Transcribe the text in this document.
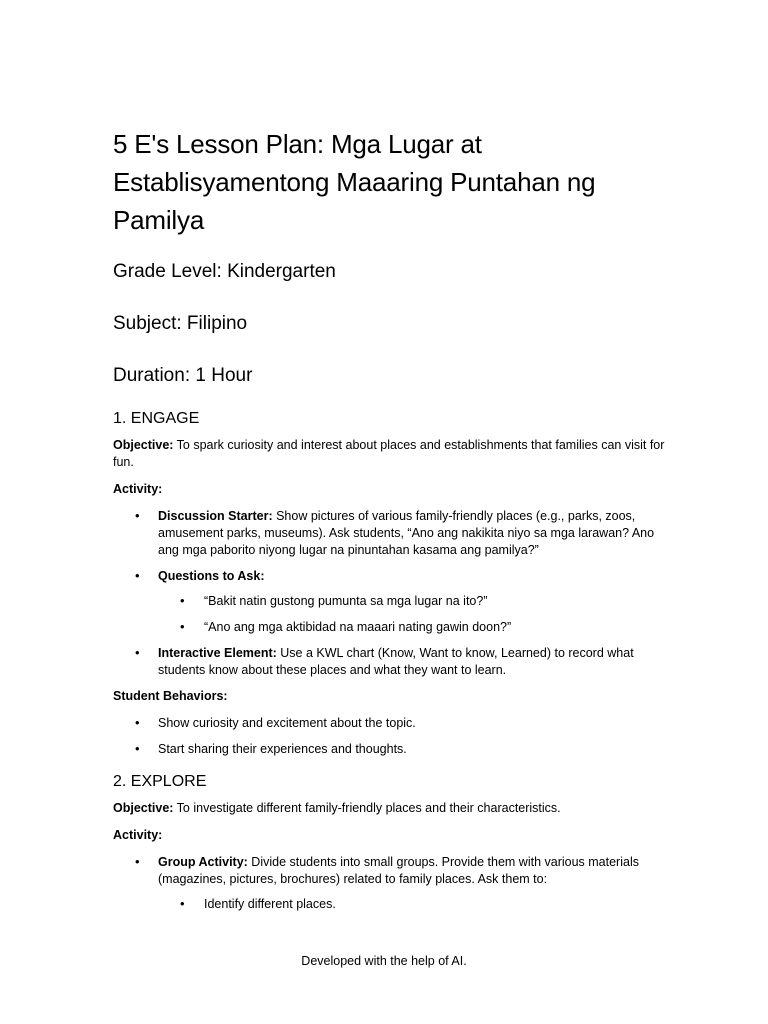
5 E's Lesson Plan: Mga Lugar at Establisyamentong Maaaring Puntahan ng Pamilya
Grade Level: Kindergarten
Subject: Filipino
Duration: 1 Hour
1. ENGAGE

Objective: To spark curiosity and interest about places and establishments that families can visit for fun.

Activity:

• Discussion Starter: Show pictures of various family-friendly places (e.g., parks, zoos, amusement parks, museums). Ask students, “Ano ang nakikita niyo sa mga larawan? Ano ang mga paborito niyong lugar na pinuntahan kasama ang pamilya?”
• Questions to Ask:
• “Bakit natin gustong pumunta sa mga lugar na ito?”
• “Ano ang mga aktibidad na maaari nating gawin doon?”
• Interactive Element: Use a KWL chart (Know, Want to know, Learned) to record what students know about these places and what they want to learn.

Student Behaviors:

• Show curiosity and excitement about the topic.
• Start sharing their experiences and thoughts.
2. EXPLORE

Objective: To investigate different family-friendly places and their characteristics.

Activity:

• Group Activity: Divide students into small groups. Provide them with various materials (magazines, pictures, brochures) related to family places. Ask them to:
• Identify different places.
Developed with the help of AI.
